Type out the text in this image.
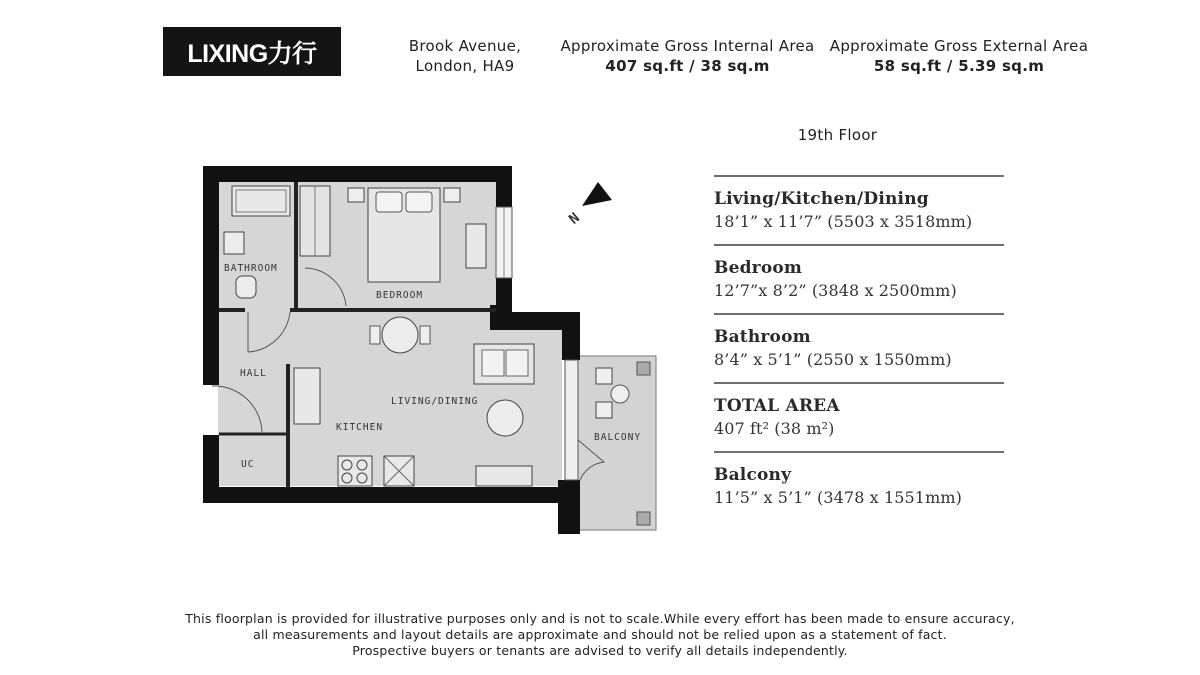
LIXING力行	Brook Avenue,
London, HA9
Approximate Gross Internal Area
407 sq.ft / 38 sq.m
Approximate Gross External Area
58 sq.ft / 5.39 sq.m
19th Floor
Living/Kitchen/Dining
18’1” x 11’7” (5503 x 3518mm)
Bedroom
12’7”x 8’2” (3848 x 2500mm)
Bathroom
8’4” x 5’1” (2550 x 1550mm)
TOTAL AREA
407 ft² (38 m²)
Balcony
11’5” x 5’1” (3478 x 1551mm)
N
BATHROOM
BEDROOM
HALL
LIVING/DINING
KITCHEN
UC
BALCONY
This floorplan is provided for illustrative purposes only and is not to scale.While every effort has been made to ensure accuracy,
all measurements and layout details are approximate and should not be relied upon as a statement of fact.
Prospective buyers or tenants are advised to verify all details independently.
